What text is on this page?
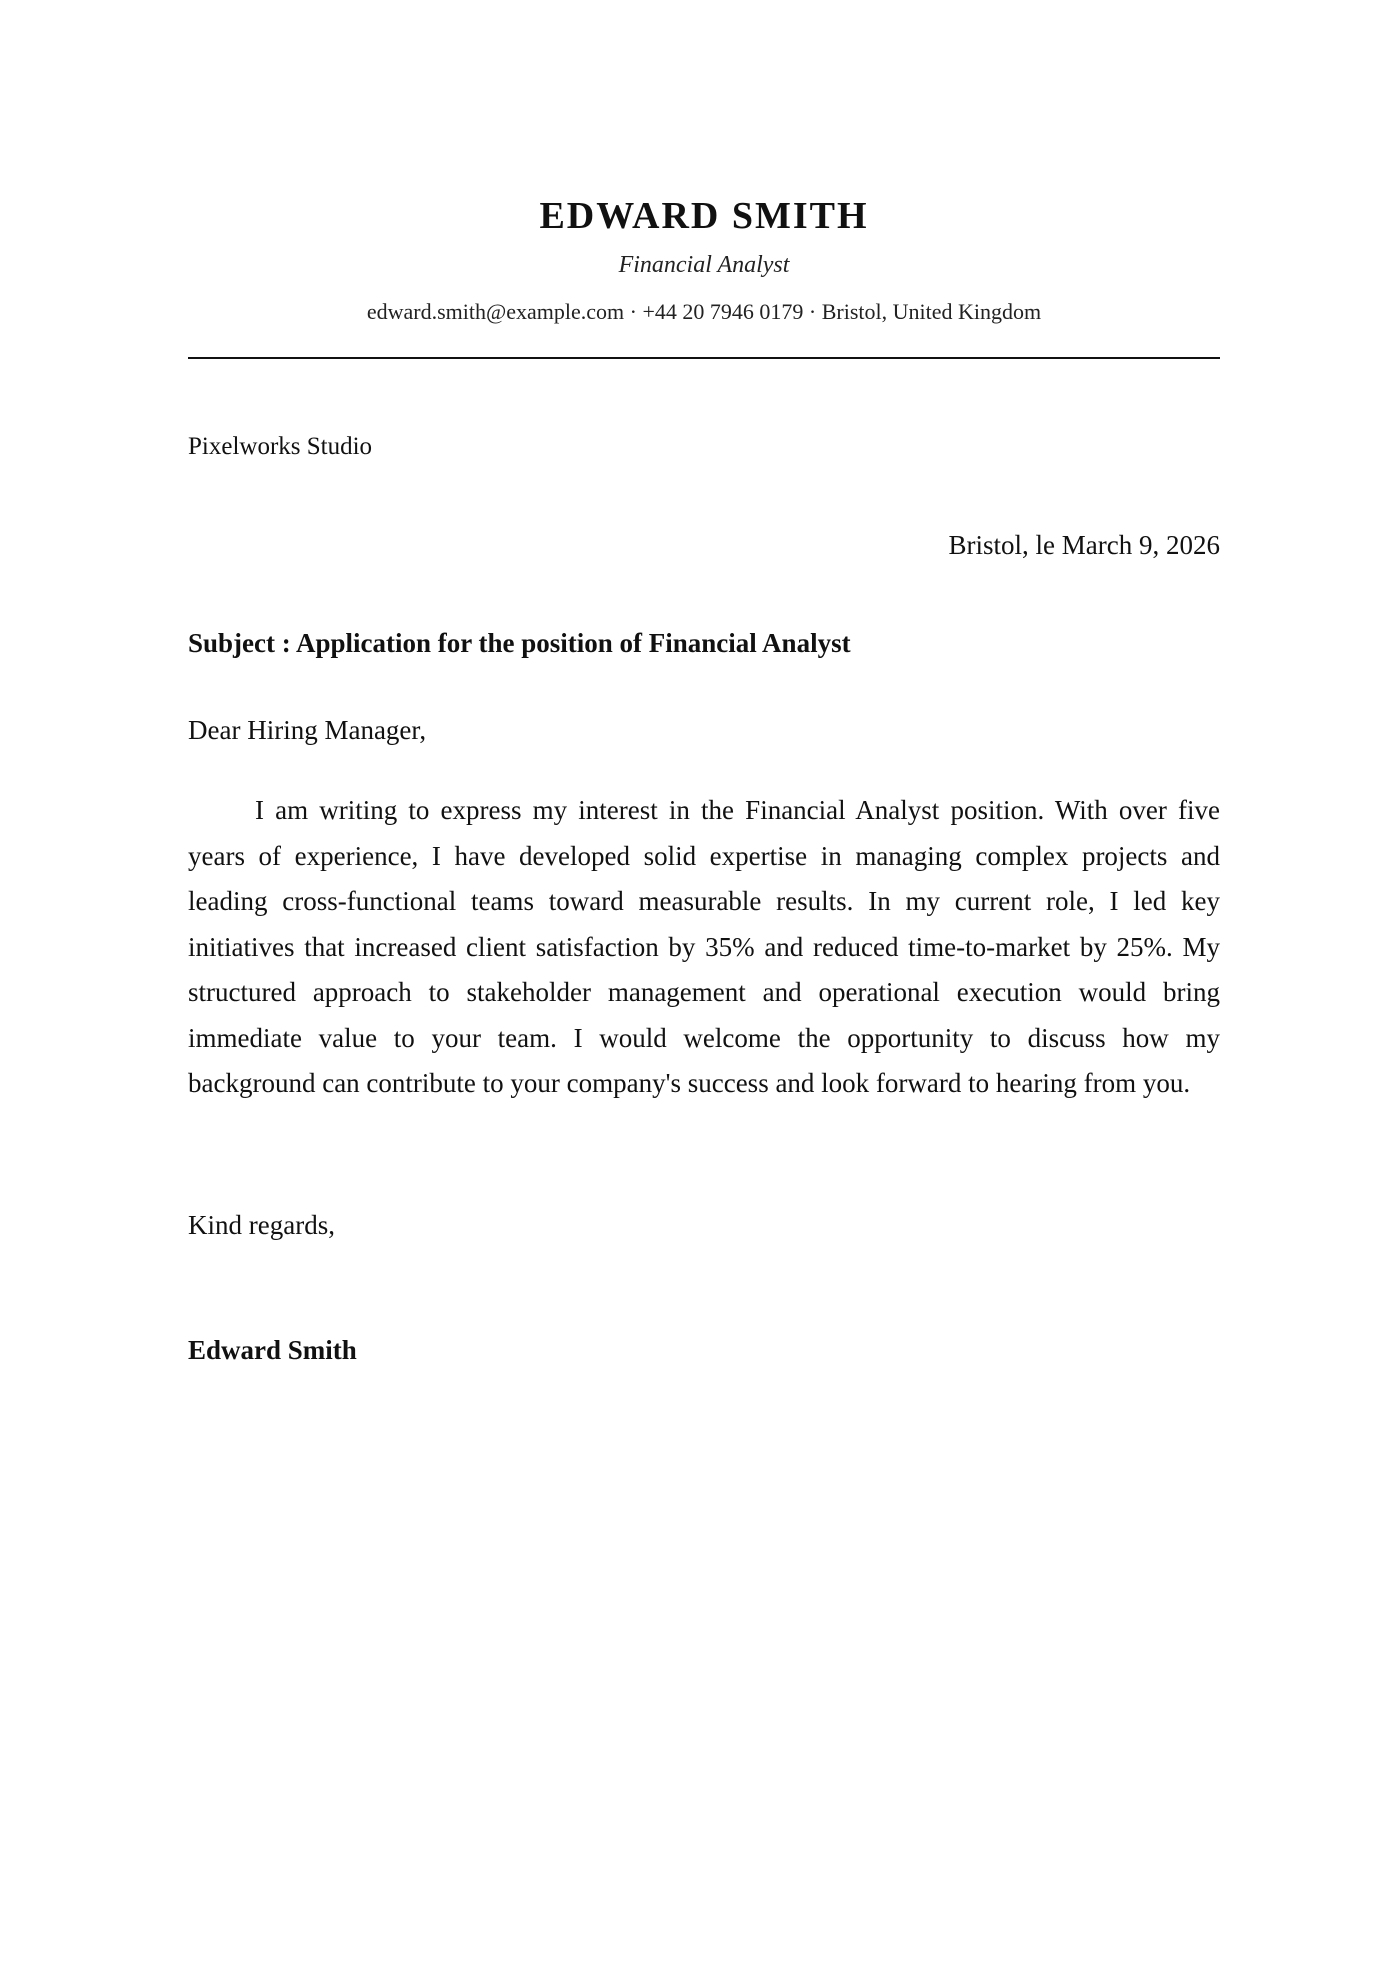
EDWARD SMITH
Financial Analyst
edward.smith@example.com · +44 20 7946 0179 · Bristol, United Kingdom
Pixelworks Studio
Bristol, le March 9, 2026
Subject : Application for the position of Financial Analyst
Dear Hiring Manager,
I am writing to express my interest in the Financial Analyst position. With over five years of experience, I have developed solid expertise in managing complex projects and leading cross-functional teams toward measurable results. In my current role, I led key initiatives that increased client satisfaction by 35% and reduced time-to-market by 25%. My structured approach to stakeholder management and operational execution would bring immediate value to your team. I would welcome the opportunity to discuss how my background can contribute to your company's success and look forward to hearing from you.
Kind regards,
Edward Smith
